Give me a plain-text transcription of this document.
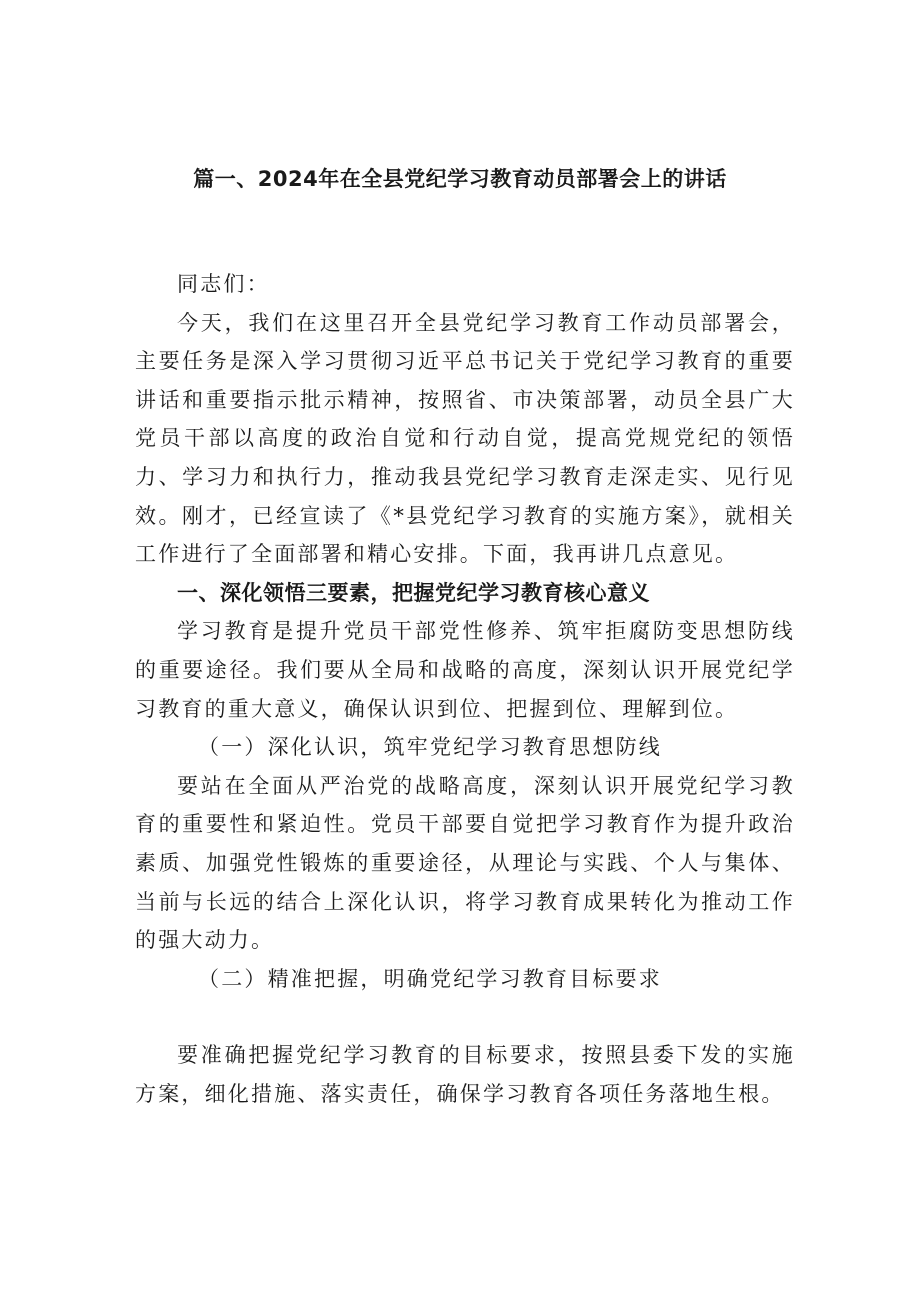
篇一、2024年在全县党纪学习教育动员部署会上的讲话

同志们：

今天，我们在这里召开全县党纪学习教育工作动员部署会，主要任务是深入学习贯彻习近平总书记关于党纪学习教育的重要讲话和重要指示批示精神，按照省、市决策部署，动员全县广大党员干部以高度的政治自觉和行动自觉，提高党规党纪的领悟力、学习力和执行力，推动我县党纪学习教育走深走实、见行见效。刚才，已经宣读了《*县党纪学习教育的实施方案》，就相关工作进行了全面部署和精心安排。下面，我再讲几点意见。

一、深化领悟三要素，把握党纪学习教育核心意义

学习教育是提升党员干部党性修养、筑牢拒腐防变思想防线的重要途径。我们要从全局和战略的高度，深刻认识开展党纪学习教育的重大意义，确保认识到位、把握到位、理解到位。

（一）深化认识，筑牢党纪学习教育思想防线

要站在全面从严治党的战略高度，深刻认识开展党纪学习教育的重要性和紧迫性。党员干部要自觉把学习教育作为提升政治素质、加强党性锻炼的重要途径，从理论与实践、个人与集体、当前与长远的结合上深化认识，将学习教育成果转化为推动工作的强大动力。

（二）精准把握，明确党纪学习教育目标要求

要准确把握党纪学习教育的目标要求，按照县委下发的实施方案，细化措施、落实责任，确保学习教育各项任务落地生根。
